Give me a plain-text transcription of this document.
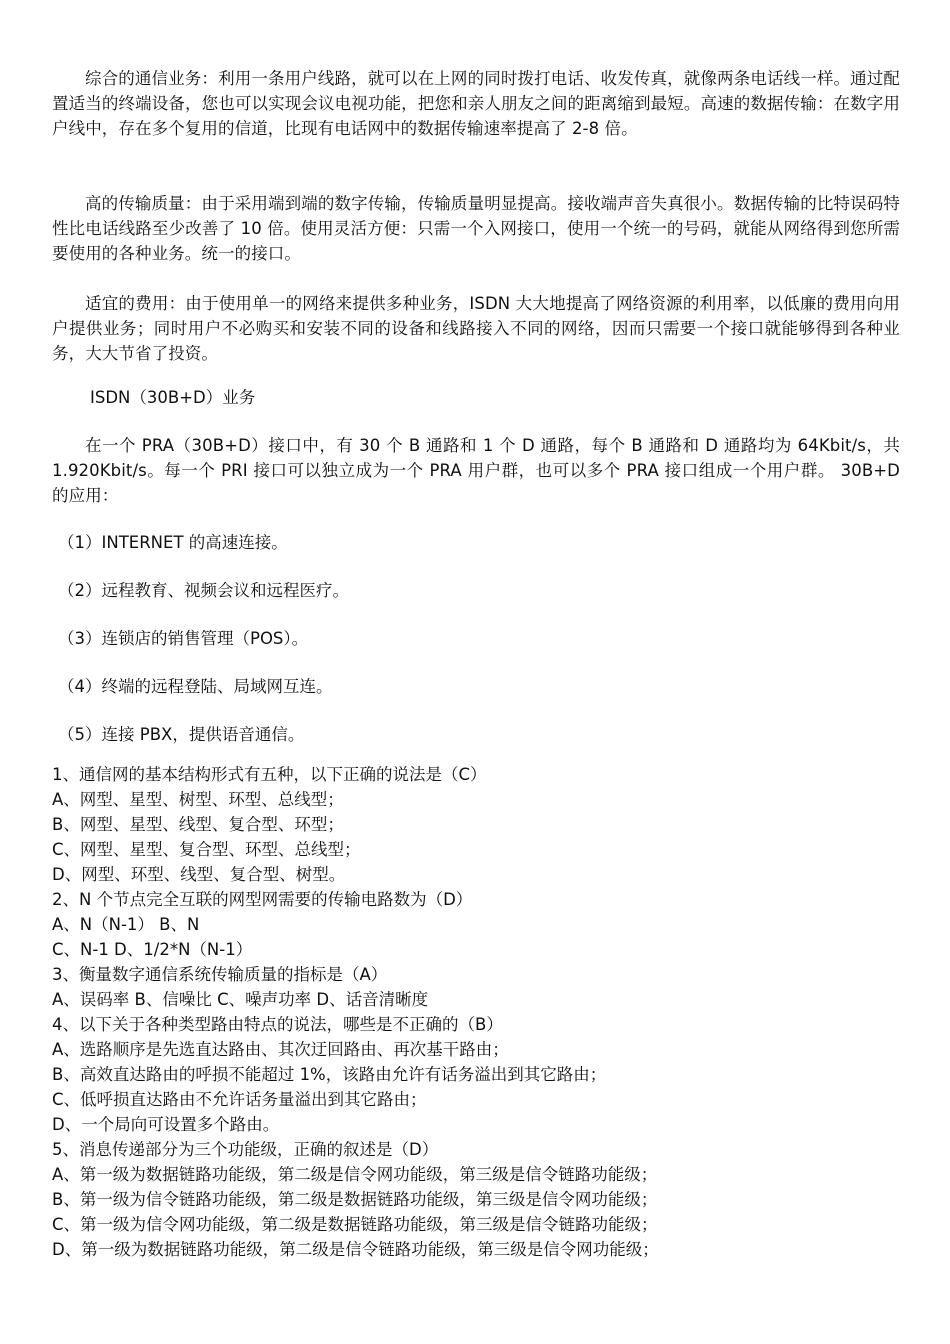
综合的通信业务：利用一条用户线路，就可以在上网的同时拨打电话、收发传真，就像两条电话线一样。通过配置适当的终端设备，您也可以实现会议电视功能，把您和亲人朋友之间的距离缩到最短。高速的数据传输：在数字用户线中，存在多个复用的信道，比现有电话网中的数据传输速率提高了 2-8 倍。

高的传输质量：由于采用端到端的数字传输，传输质量明显提高。接收端声音失真很小。数据传输的比特误码特性比电话线路至少改善了 10 倍。使用灵活方便：只需一个入网接口，使用一个统一的号码，就能从网络得到您所需要使用的各种业务。统一的接口。

适宜的费用：由于使用单一的网络来提供多种业务，ISDN 大大地提高了网络资源的利用率，以低廉的费用向用户提供业务；同时用户不必购买和安装不同的设备和线路接入不同的网络，因而只需要一个接口就能够得到各种业务，大大节省了投资。

ISDN（30B+D）业务

在一个 PRA（30B+D）接口中，有 30 个 B 通路和 1 个 D 通路，每个 B 通路和 D 通路均为 64Kbit/s，共 1.920Kbit/s。每一个 PRI 接口可以独立成为一个 PRA 用户群，也可以多个 PRA 接口组成一个用户群。 30B+D 的应用：

（1）INTERNET 的高速连接。

（2）远程教育、视频会议和远程医疗。

（3）连锁店的销售管理（POS）。

（4）终端的远程登陆、局域网互连。

（5）连接 PBX，提供语音通信。

1、通信网的基本结构形式有五种，以下正确的说法是（C）
A、网型、星型、树型、环型、总线型；
B、网型、星型、线型、复合型、环型；
C、网型、星型、复合型、环型、总线型；
D、网型、环型、线型、复合型、树型。
2、N 个节点完全互联的网型网需要的传输电路数为（D）
A、N（N-1） B、N
C、N-1 D、1/2*N（N-1）
3、衡量数字通信系统传输质量的指标是（A）
A、误码率 B、信噪比 C、噪声功率 D、话音清晰度
4、以下关于各种类型路由特点的说法，哪些是不正确的（B）
A、选路顺序是先选直达路由、其次迂回路由、再次基干路由；
B、高效直达路由的呼损不能超过 1%，该路由允许有话务溢出到其它路由；
C、低呼损直达路由不允许话务量溢出到其它路由；
D、一个局向可设置多个路由。
5、消息传递部分为三个功能级，正确的叙述是（D）
A、第一级为数据链路功能级，第二级是信令网功能级，第三级是信令链路功能级；
B、第一级为信令链路功能级，第二级是数据链路功能级，第三级是信令网功能级；
C、第一级为信令网功能级，第二级是数据链路功能级，第三级是信令链路功能级；
D、第一级为数据链路功能级，第二级是信令链路功能级，第三级是信令网功能级；
